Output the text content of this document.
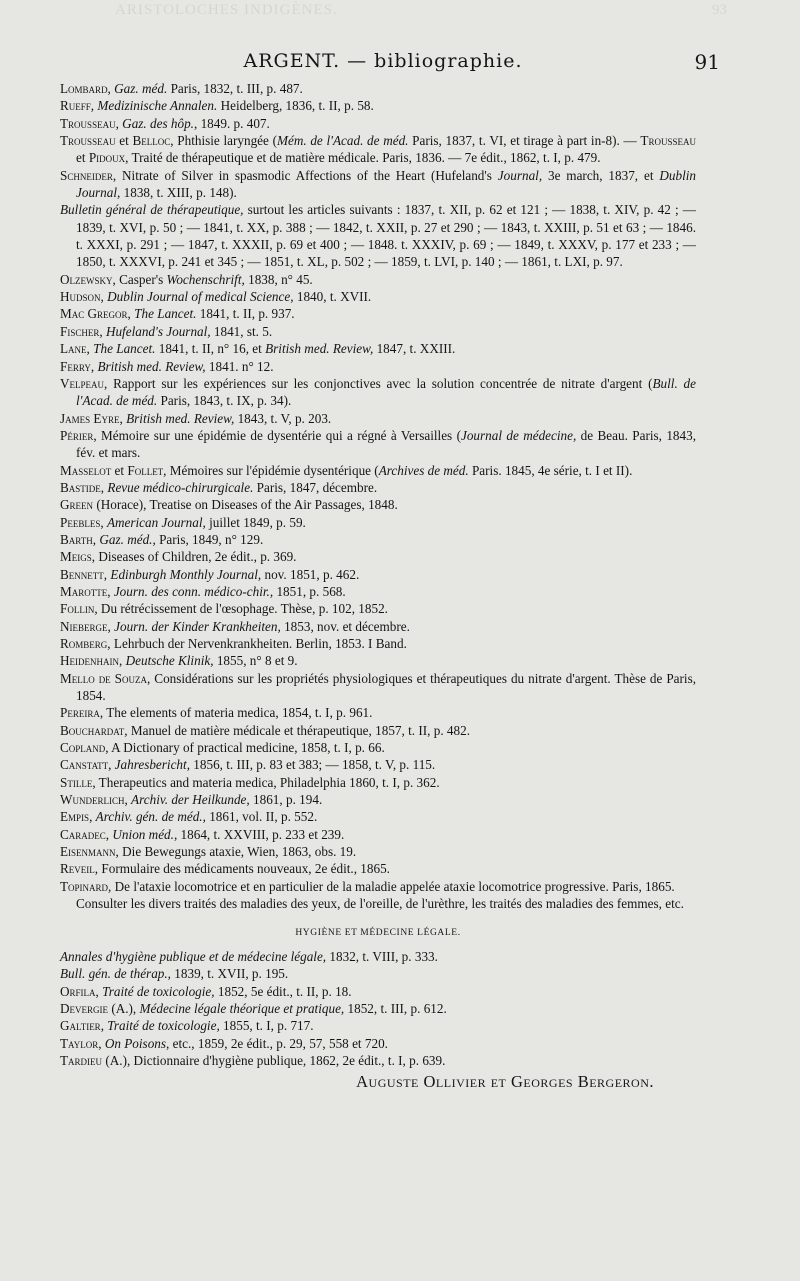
ARISTOLOCHES INDIGÈNES.	93
ARGENT. — bibliographie.	91
Lombard, Gaz. méd. Paris, 1832, t. III, p. 487.
Rueff, Medizinische Annalen. Heidelberg, 1836, t. II, p. 58.
Trousseau, Gaz. des hôp., 1849. p. 407.
Trousseau et Belloc, Phthisie laryngée (Mém. de l'Acad. de méd. Paris, 1837, t. VI, et tirage à part in-8). — Trousseau et Pidoux, Traité de thérapeutique et de matière médicale. Paris, 1836. — 7e édit., 1862, t. I, p. 479.
Schneider, Nitrate of Silver in spasmodic Affections of the Heart (Hufeland's Journal, 3e march, 1837, et Dublin Journal, 1838, t. XIII, p. 148).
Bulletin général de thérapeutique, surtout les articles suivants : 1837, t. XII, p. 62 et 121 ; — 1838, t. XIV, p. 42 ; — 1839, t. XVI, p. 50 ; — 1841, t. XX, p. 388 ; — 1842, t. XXII, p. 27 et 290 ; — 1843, t. XXIII, p. 51 et 63 ; — 1846. t. XXXI, p. 291 ; — 1847, t. XXXII, p. 69 et 400 ; — 1848. t. XXXIV, p. 69 ; — 1849, t. XXXV, p. 177 et 233 ; — 1850, t. XXXVI, p. 241 et 345 ; — 1851, t. XL, p. 502 ; — 1859, t. LVI, p. 140 ; — 1861, t. LXI, p. 97.
Olzewsky, Casper's Wochenschrift, 1838, n° 45.
Hudson, Dublin Journal of medical Science, 1840, t. XVII.
Mac Gregor, The Lancet. 1841, t. II, p. 937.
Fischer, Hufeland's Journal, 1841, st. 5.
Lane, The Lancet. 1841, t. II, n° 16, et British med. Review, 1847, t. XXIII.
Ferry, British med. Review, 1841. n° 12.
Velpeau, Rapport sur les expériences sur les conjonctives avec la solution concentrée de nitrate d'argent (Bull. de l'Acad. de méd. Paris, 1843, t. IX, p. 34).
James Eyre, British med. Review, 1843, t. V, p. 203.
Périer, Mémoire sur une épidémie de dysentérie qui a régné à Versailles (Journal de médecine, de Beau. Paris, 1843, fév. et mars.
Masselot et Follet, Mémoires sur l'épidémie dysentérique (Archives de méd. Paris. 1845, 4e série, t. I et II).
Bastide, Revue médico-chirurgicale. Paris, 1847, décembre.
Green (Horace), Treatise on Diseases of the Air Passages, 1848.
Peebles, American Journal, juillet 1849, p. 59.
Barth, Gaz. méd., Paris, 1849, n° 129.
Meigs, Diseases of Children, 2e édit., p. 369.
Bennett, Edinburgh Monthly Journal, nov. 1851, p. 462.
Marotte, Journ. des conn. médico-chir., 1851, p. 568.
Follin, Du rétrécissement de l'œsophage. Thèse, p. 102, 1852.
Nieberge, Journ. der Kinder Krankheiten, 1853, nov. et décembre.
Romberg, Lehrbuch der Nervenkrankheiten. Berlin, 1853. I Band.
Heidenhain, Deutsche Klinik, 1855, n° 8 et 9.
Mello de Souza, Considérations sur les propriétés physiologiques et thérapeutiques du nitrate d'argent. Thèse de Paris, 1854.
Pereira, The elements of materia medica, 1854, t. I, p. 961.
Bouchardat, Manuel de matière médicale et thérapeutique, 1857, t. II, p. 482.
Copland, A Dictionary of practical medicine, 1858, t. I, p. 66.
Canstatt, Jahresbericht, 1856, t. III, p. 83 et 383; — 1858, t. V, p. 115.
Stille, Therapeutics and materia medica, Philadelphia 1860, t. I, p. 362.
Wunderlich, Archiv. der Heilkunde, 1861, p. 194.
Empis, Archiv. gén. de méd., 1861, vol. II, p. 552.
Caradec, Union méd., 1864, t. XXVIII, p. 233 et 239.
Eisenmann, Die Bewegungs ataxie, Wien, 1863, obs. 19.
Reveil, Formulaire des médicaments nouveaux, 2e édit., 1865.
Topinard, De l'ataxie locomotrice et en particulier de la maladie appelée ataxie locomotrice progressive. Paris, 1865.
Consulter les divers traités des maladies des yeux, de l'oreille, de l'urèthre, les traités des maladies des femmes, etc.
HYGIÈNE ET MÉDECINE LÉGALE.
Annales d'hygiène publique et de médecine légale, 1832, t. VIII, p. 333.
Bull. gén. de thérap., 1839, t. XVII, p. 195.
Orfila, Traité de toxicologie, 1852, 5e édit., t. II, p. 18.
Devergie (A.), Médecine légale théorique et pratique, 1852, t. III, p. 612.
Galtier, Traité de toxicologie, 1855, t. I, p. 717.
Taylor, On Poisons, etc., 1859, 2e édit., p. 29, 57, 558 et 720.
Tardieu (A.), Dictionnaire d'hygiène publique, 1862, 2e édit., t. I, p. 639.
Auguste Ollivier et Georges Bergeron.
